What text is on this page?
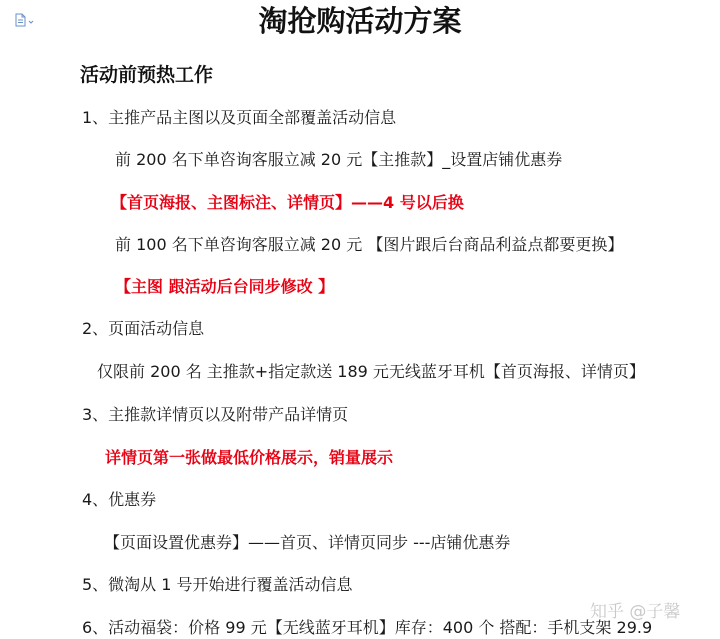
淘抢购活动方案
活动前预热工作
1、主推产品主图以及页面全部覆盖活动信息
前 200 名下单咨询客服立减 20 元【主推款】_设置店铺优惠券
【首页海报、主图标注、详情页】——4 号以后换
前 100 名下单咨询客服立减 20 元 【图片跟后台商品利益点都要更换】
【主图 跟活动后台同步修改 】
2、页面活动信息
仅限前 200 名 主推款+指定款送 189 元无线蓝牙耳机【首页海报、详情页】
3、主推款详情页以及附带产品详情页
详情页第一张做最低价格展示，销量展示
4、优惠券
【页面设置优惠券】——首页、详情页同步 ---店铺优惠券
5、微淘从 1 号开始进行覆盖活动信息
6、活动福袋：价格 99 元【无线蓝牙耳机】库存：400 个 搭配：手机支架 29.9
知乎 @子馨
